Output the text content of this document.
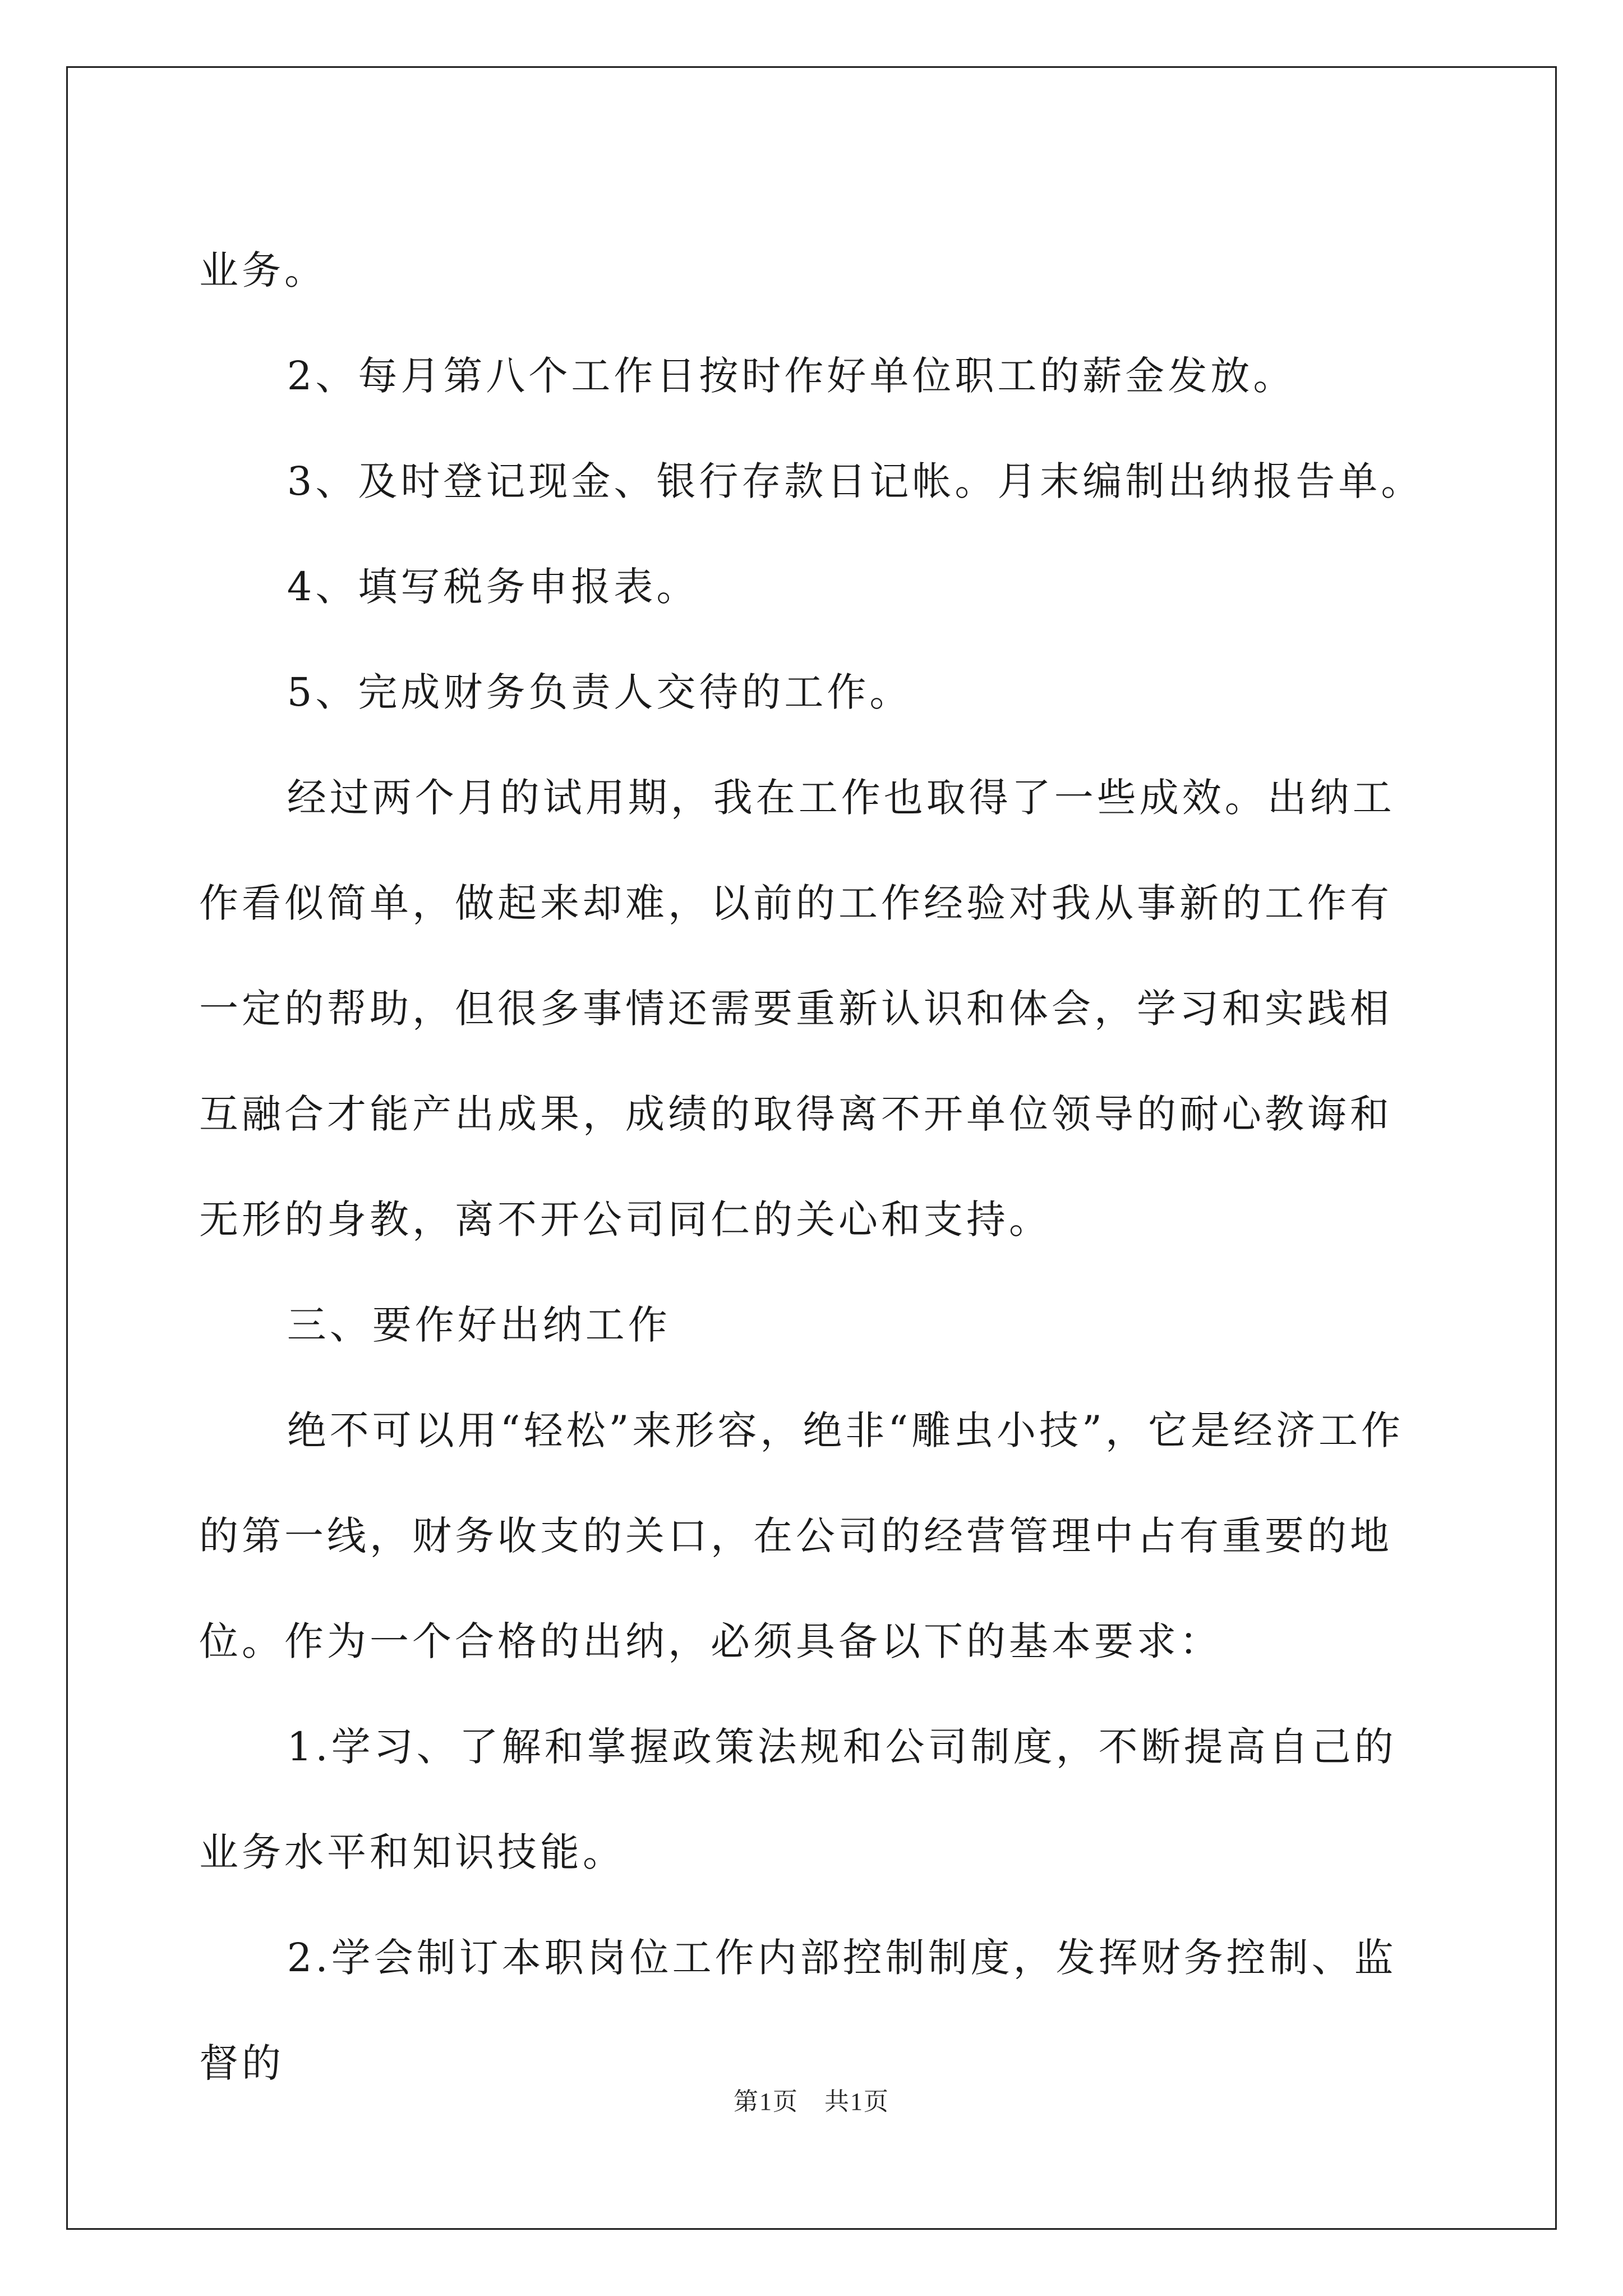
业务。

2、每月第八个工作日按时作好单位职工的薪金发放。

3、及时登记现金、银行存款日记帐。月末编制出纳报告单。

4、填写税务申报表。

5、完成财务负责人交待的工作。

经过两个月的试用期，我在工作也取得了一些成效。出纳工作看似简单，做起来却难，以前的工作经验对我从事新的工作有一定的帮助，但很多事情还需要重新认识和体会，学习和实践相互融合才能产出成果，成绩的取得离不开单位领导的耐心教诲和无形的身教，离不开公司同仁的关心和支持。

三、要作好出纳工作

绝不可以用“轻松”来形容，绝非“雕虫小技”，它是经济工作的第一线，财务收支的关口，在公司的经营管理中占有重要的地位。作为一个合格的出纳，必须具备以下的基本要求：

1.学习、了解和掌握政策法规和公司制度，不断提高自己的业务水平和知识技能。

2.学会制订本职岗位工作内部控制制度，发挥财务控制、监督的

第1页 共1页
